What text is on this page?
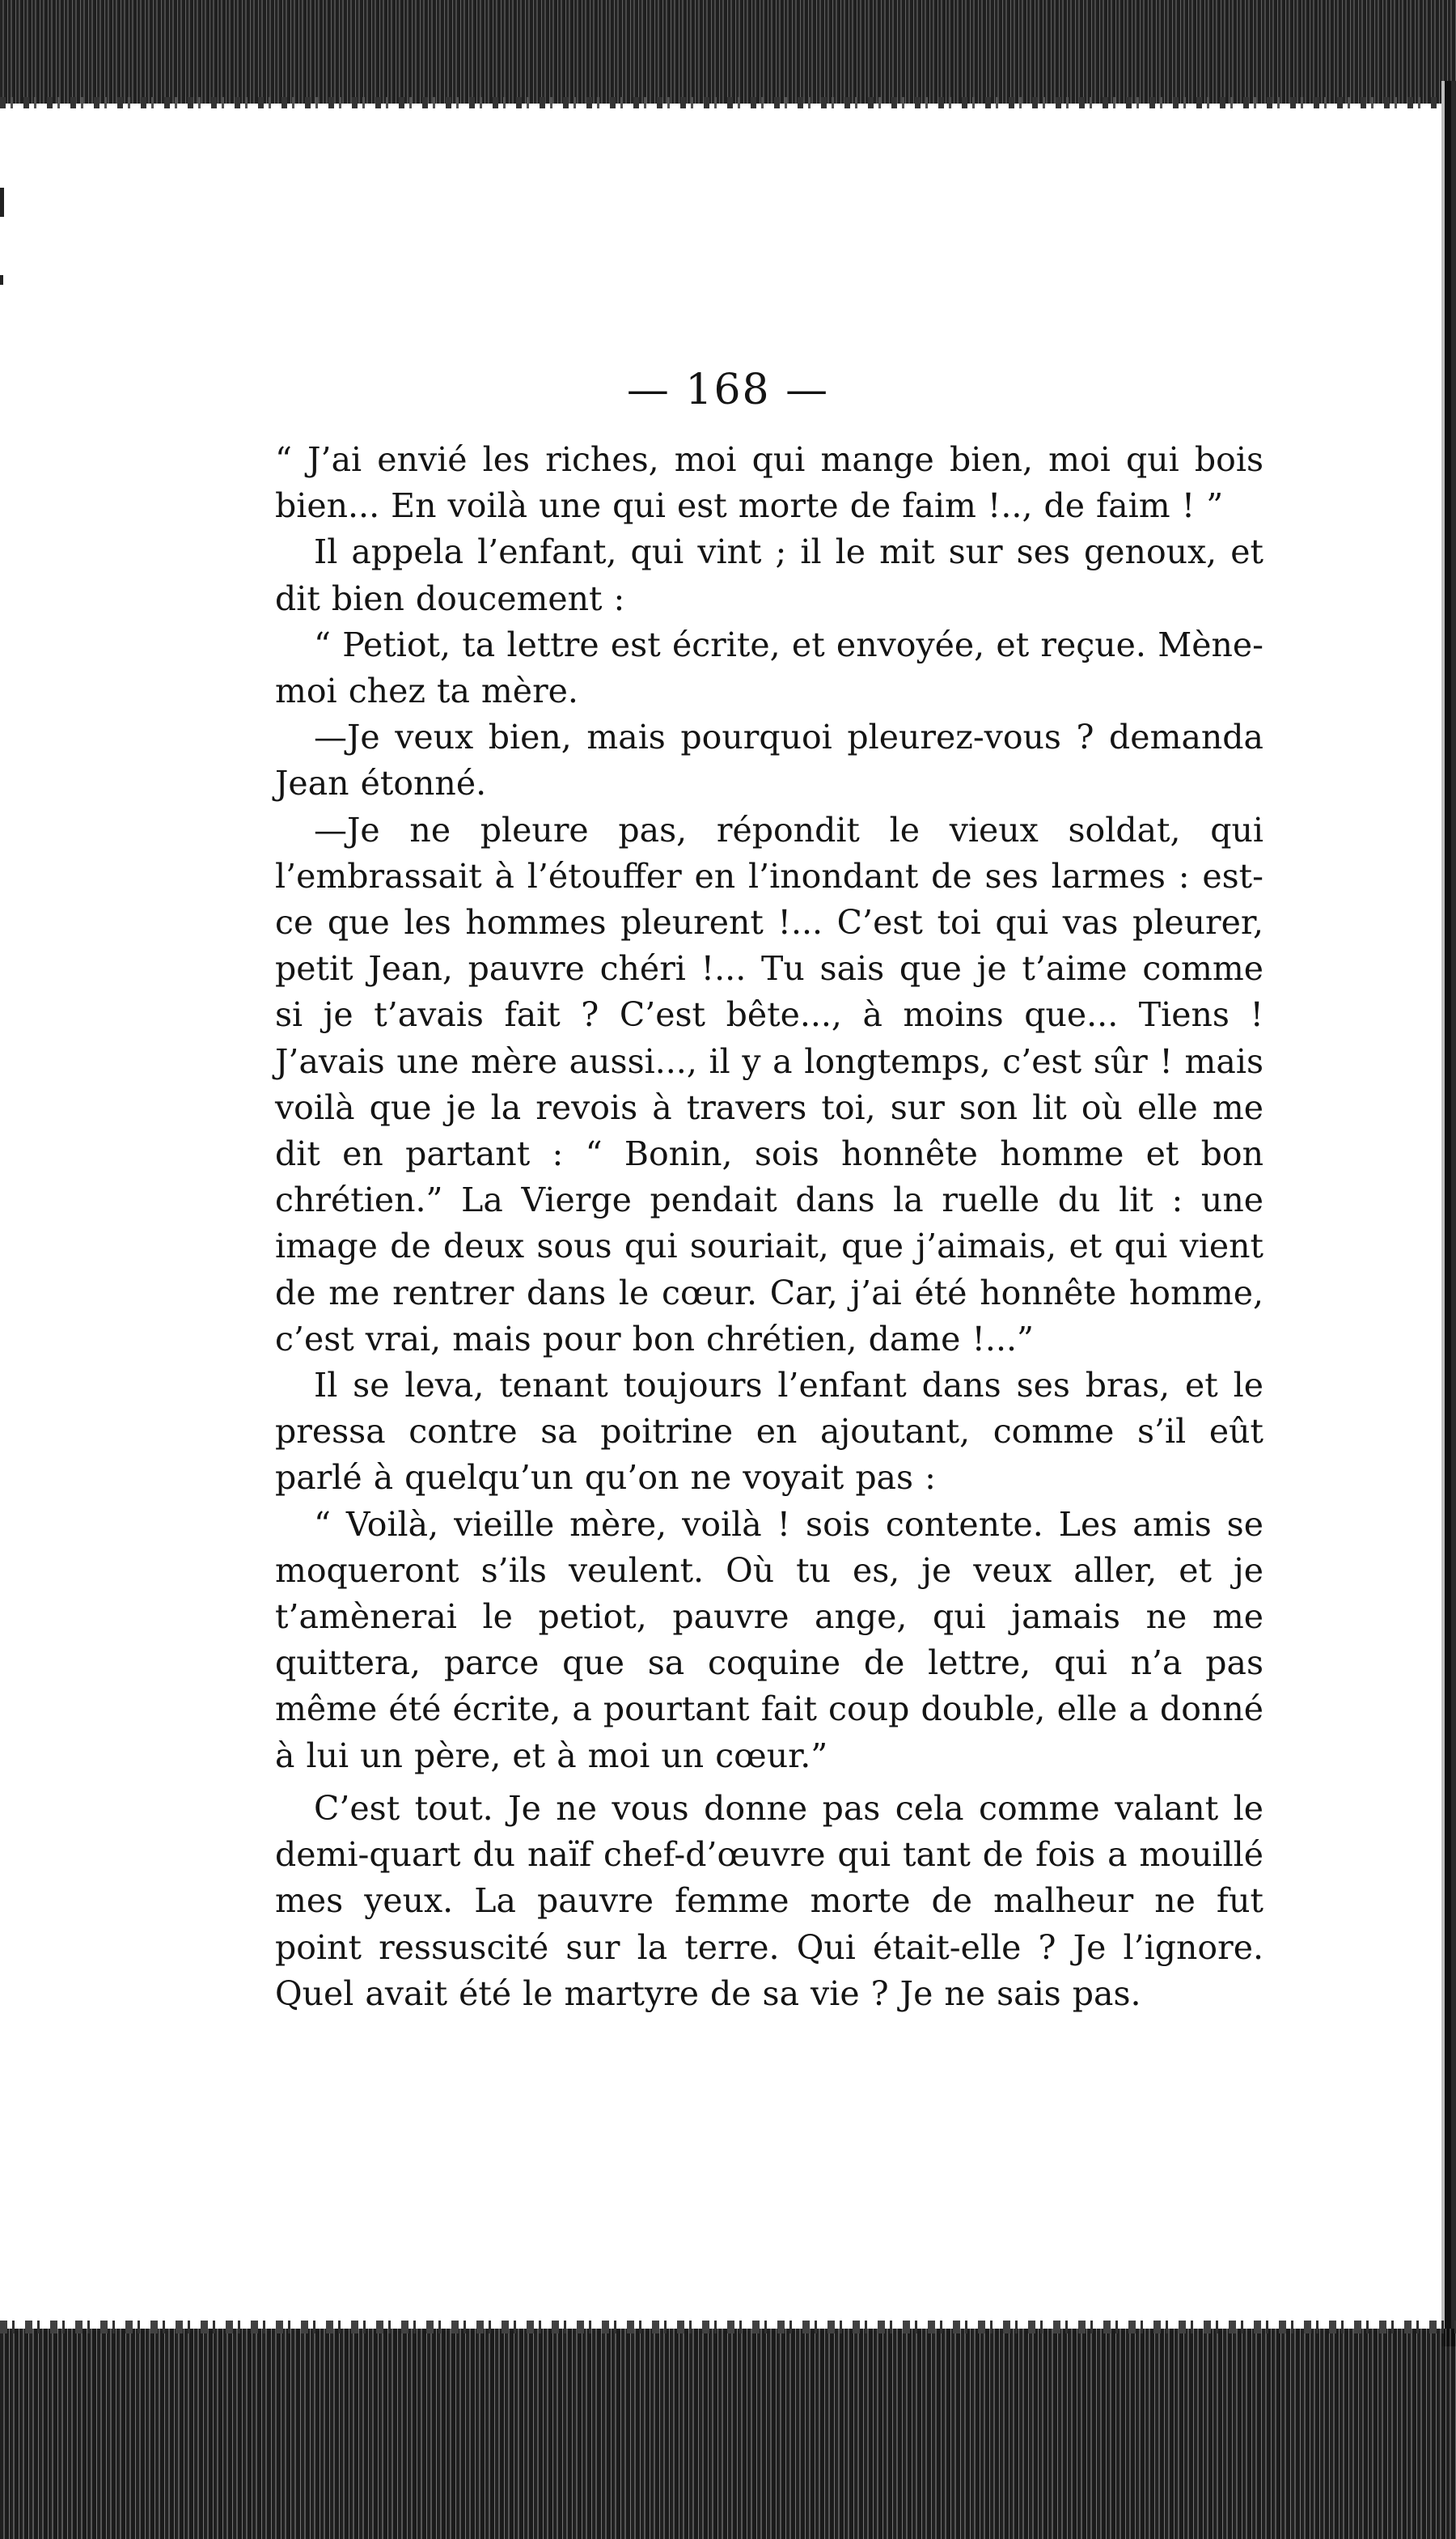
— 168 —

“ J’ai envié les riches, moi qui mange bien, moi qui bois bien... En voilà une qui est morte de faim !.., de faim ! ”

Il appela l’enfant, qui vint ; il le mit sur ses genoux, et dit bien doucement :

“ Petiot, ta lettre est écrite, et envoyée, et reçue. Mène-moi chez ta mère.

—Je veux bien, mais pourquoi pleurez-vous ? demanda Jean étonné.

—Je ne pleure pas, répondit le vieux soldat, qui l’embrassait à l’étouffer en l’inondant de ses larmes : est-ce que les hommes pleurent !... C’est toi qui vas pleurer, petit Jean, pauvre chéri !... Tu sais que je t’aime comme si je t’avais fait ? C’est bête..., à moins que... Tiens ! J’avais une mère aussi..., il y a longtemps, c’est sûr ! mais voilà que je la revois à travers toi, sur son lit où elle me dit en partant : “ Bonin, sois honnête homme et bon chrétien.” La Vierge pendait dans la ruelle du lit : une image de deux sous qui souriait, que j’aimais, et qui vient de me rentrer dans le cœur. Car, j’ai été honnête homme, c’est vrai, mais pour bon chrétien, dame !...”

Il se leva, tenant toujours l’enfant dans ses bras, et le pressa contre sa poitrine en ajoutant, comme s’il eût parlé à quelqu’un qu’on ne voyait pas :

“ Voilà, vieille mère, voilà ! sois contente. Les amis se moqueront s’ils veulent. Où tu es, je veux aller, et je t’amènerai le petiot, pauvre ange, qui jamais ne me quittera, parce que sa coquine de lettre, qui n’a pas même été écrite, a pourtant fait coup double, elle a donné à lui un père, et à moi un cœur.”

C’est tout. Je ne vous donne pas cela comme valant le demi-quart du naïf chef-d’œuvre qui tant de fois a mouillé mes yeux. La pauvre femme morte de malheur ne fut point ressuscité sur la terre. Qui était-elle ? Je l’ignore. Quel avait été le martyre de sa vie ? Je ne sais pas.
